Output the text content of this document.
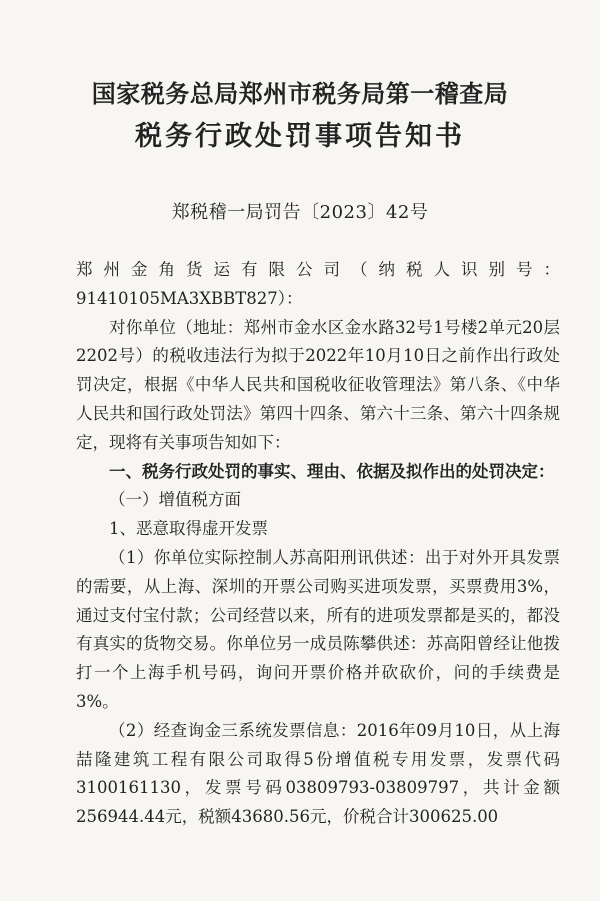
国家税务总局郑州市税务局第一稽查局
税务行政处罚事项告知书
郑税稽一局罚告〔2023〕42号

郑州金角货运有限公司（纳税人识别号：91410105MA3XBBT827）：

对你单位（地址：郑州市金水区金水路32号1号楼2单元20层2202号）的税收违法行为拟于2022年10月10日之前作出行政处罚决定，根据《中华人民共和国税收征收管理法》第八条、《中华人民共和国行政处罚法》第四十四条、第六十三条、第六十四条规定，现将有关事项告知如下：

一、税务行政处罚的事实、理由、依据及拟作出的处罚决定：

（一）增值税方面

1、恶意取得虚开发票

（1）你单位实际控制人苏高阳刑讯供述：出于对外开具发票的需要，从上海、深圳的开票公司购买进项发票，买票费用3%，通过支付宝付款；公司经营以来，所有的进项发票都是买的，都没有真实的货物交易。你单位另一成员陈攀供述：苏高阳曾经让他拨打一个上海手机号码，询问开票价格并砍砍价，问的手续费是3%。

（2）经查询金三系统发票信息：2016年09月10日，从上海喆隆建筑工程有限公司取得5份增值税专用发票，发票代码3100161130，发票号码03809793-03809797，共计金额256944.44元，税额43680.56元，价税合计300625.00
